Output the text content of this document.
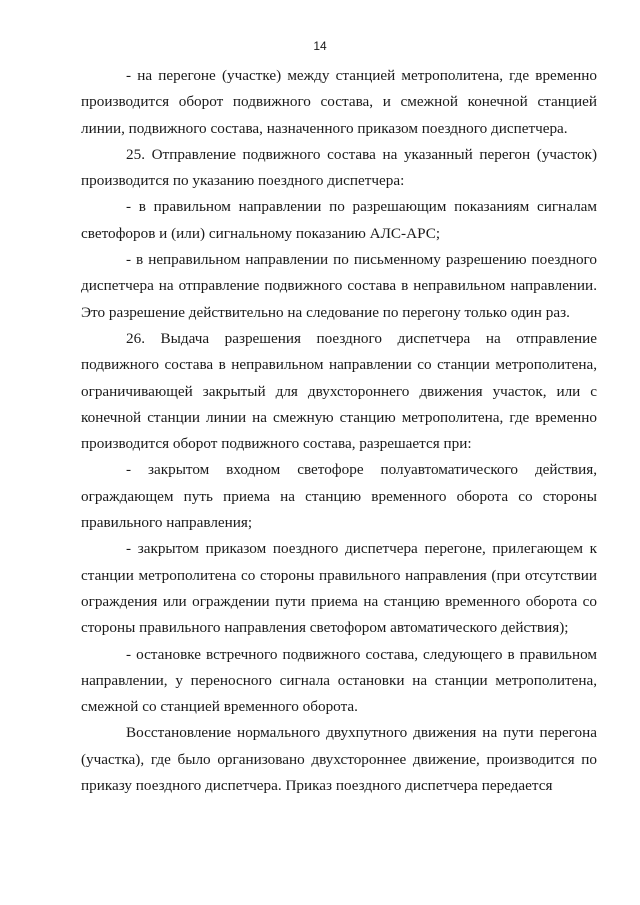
14

- на перегоне (участке) между станцией метрополитена, где временно производится оборот подвижного состава, и смежной конечной станцией линии, подвижного состава, назначенного приказом поездного диспетчера.

25. Отправление подвижного состава на указанный перегон (участок) производится по указанию поездного диспетчера:

- в правильном направлении по разрешающим показаниям сигналам светофоров и (или) сигнальному показанию АЛС-АРС;

- в неправильном направлении по письменному разрешению поездного диспетчера на отправление подвижного состава в неправильном направлении. Это разрешение действительно на следование по перегону только один раз.

26. Выдача разрешения поездного диспетчера на отправление подвижного состава в неправильном направлении со станции метрополитена, ограничивающей закрытый для двухстороннего движения участок, или с конечной станции линии на смежную станцию метрополитена, где временно производится оборот подвижного состава, разрешается при:

- закрытом входном светофоре полуавтоматического действия, ограждающем путь приема на станцию временного оборота со стороны правильного направления;

- закрытом приказом поездного диспетчера перегоне, прилегающем к станции метрополитена со стороны правильного направления (при отсутствии ограждения или ограждении пути приема на станцию временного оборота со стороны правильного направления светофором автоматического действия);

- остановке встречного подвижного состава, следующего в правильном направлении, у переносного сигнала остановки на станции метрополитена, смежной со станцией временного оборота.

Восстановление нормального двухпутного движения на пути перегона (участка), где было организовано двухстороннее движение, производится по приказу поездного диспетчера. Приказ поездного диспетчера передается
